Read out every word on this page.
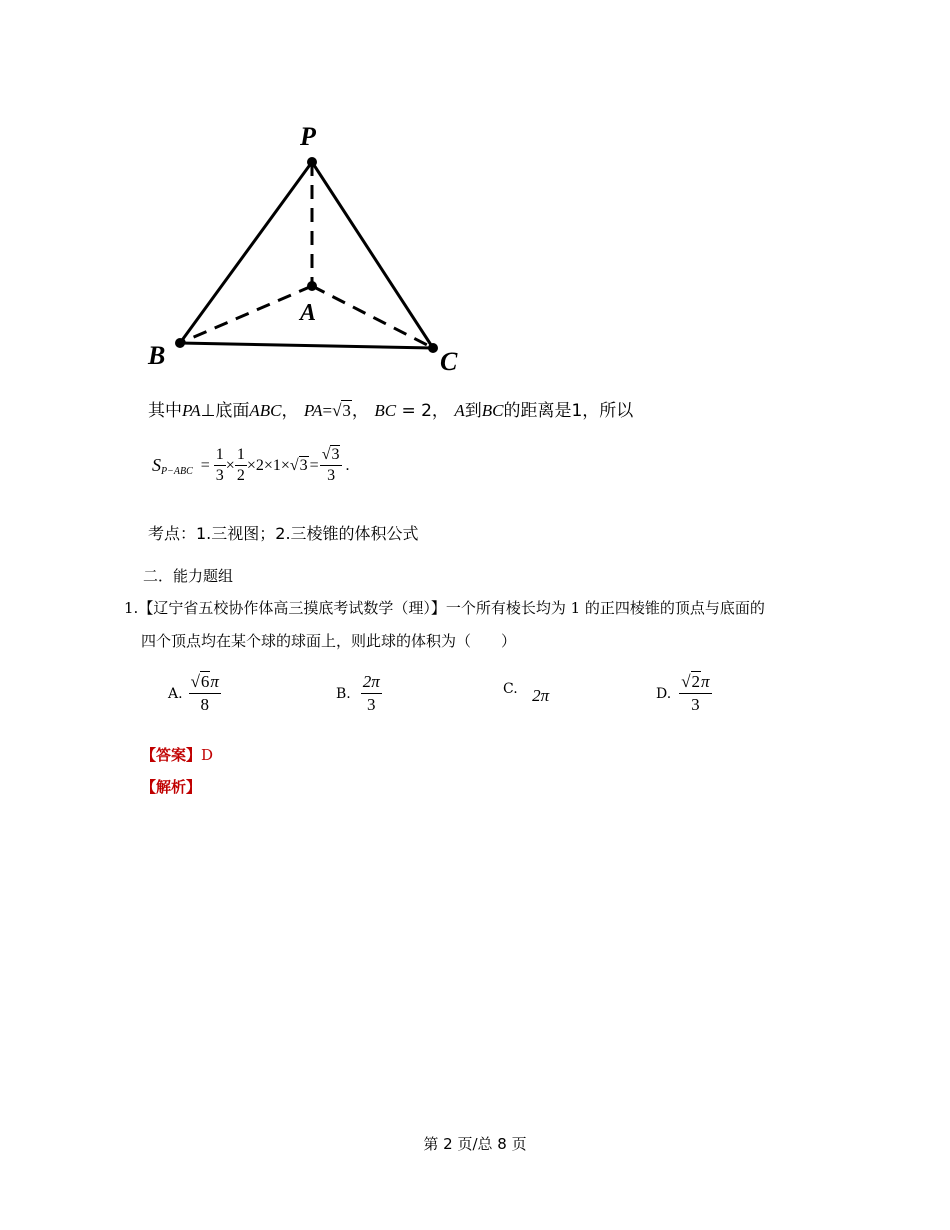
P
A
B	C
其中PA⊥底面ABC， PA=√3， BC = 2， A到BC的距离是1，所以
S $P-ABC = \frac{1}{3} \times \frac{1}{2} \times 2\times 1\times$ √ $3 = \frac{√3}{3}$ .
考点：1.三视图；2.三棱锥的体积公式
二．能力题组
1.【辽宁省五校协作体高三摸底考试数学（理）】一个所有棱长均为 1 的正四棱锥的顶点与底面的
四个顶点均在某个球的球面上，则此球的体积为（　　）
A. $\frac{√6\pi}{8}$	B. $\frac{2\pi}{3}$	C. 2π	D. $\frac{√2\pi}{3}$
【答案】D
【解析】
第 2 页/总 8 页
